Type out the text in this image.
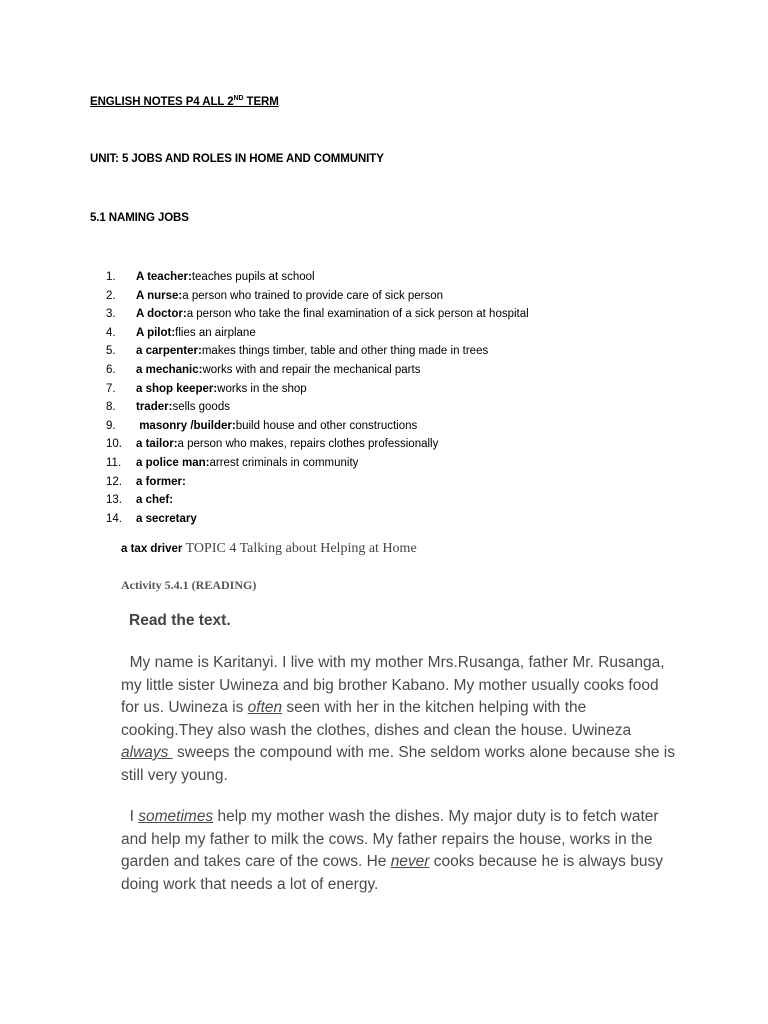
ENGLISH NOTES P4 ALL 2ND TERM
UNIT: 5 JOBS AND ROLES IN HOME AND COMMUNITY
5.1 NAMING JOBS
1.	A teacher: teaches pupils at school
2.	A nurse: a person who trained to provide care of sick person
3.	A doctor: a person who take the final examination of a sick person at hospital
4.	A pilot: flies an airplane
5.	a carpenter: makes things timber, table and other thing made in trees
6.	a mechanic: works with and repair the mechanical parts
7.	a shop keeper: works in the shop
8.	trader: sells goods
9.	masonry /builder: build house and other constructions
10.	a tailor: a person who makes, repairs clothes professionally
11.	a police man: arrest criminals in community
12.	a former:
13.	a chef:
14.	a secretary
a tax driver TOPIC 4 Talking about Helping at Home
Activity 5.4.1 (READING)
Read the text.

My name is Karitanyi. I live with my mother Mrs.Rusanga, father Mr. Rusanga,  my little sister Uwineza and big brother Kabano. My mother usually cooks food   for us. Uwineza is often seen with her in the kitchen helping with the cooking.They also wash the clothes, dishes and clean the house. Uwineza always  sweeps the compound with me. She seldom works alone because she is still very young.

I sometimes help my mother wash the dishes. My major duty is to fetch water and help my father to milk the cows. My father repairs the house, works in the garden and takes care of the cows. He never cooks because he is always busy doing work that needs a lot of energy.
